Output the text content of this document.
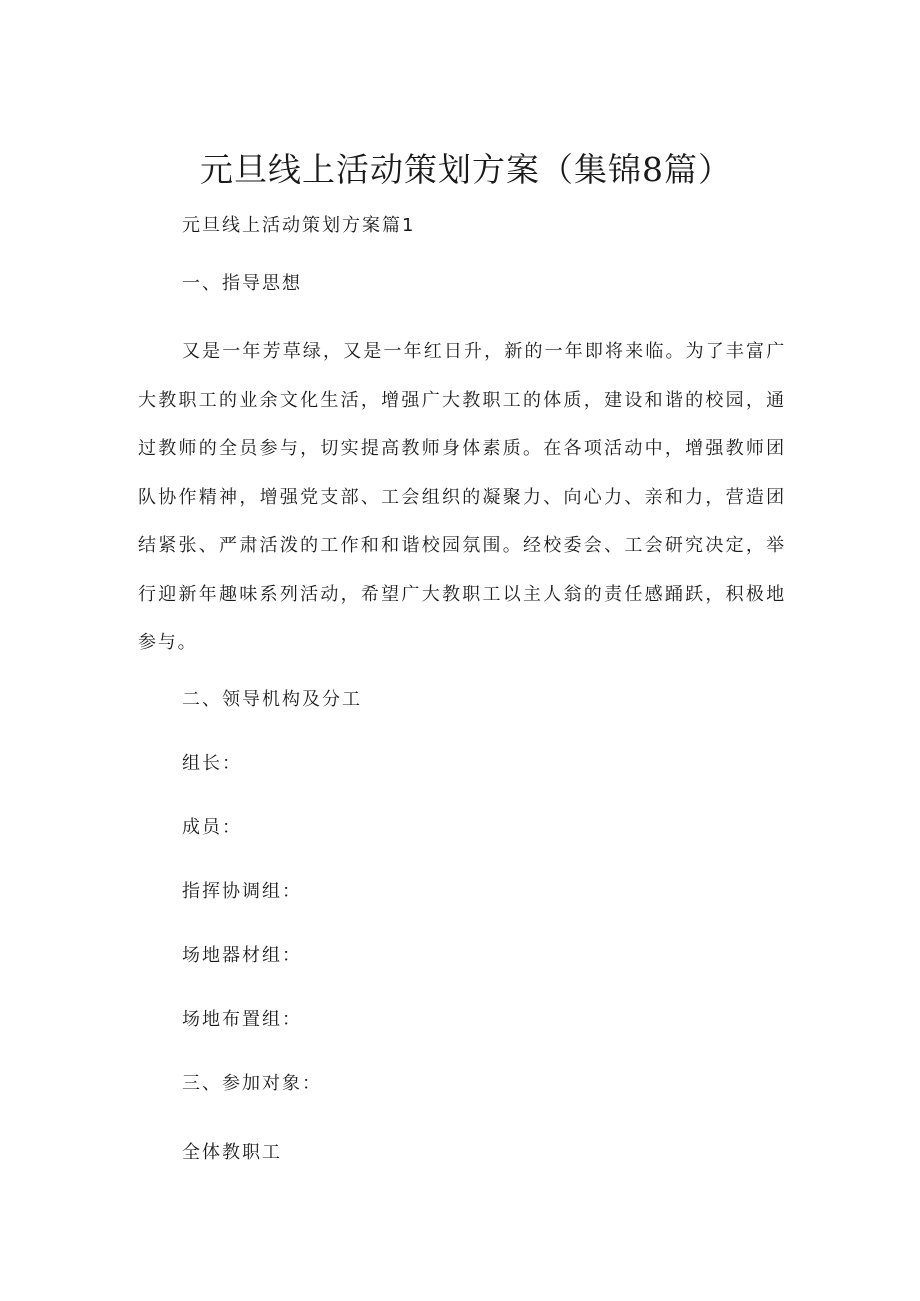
元旦线上活动策划方案（集锦8篇）
元旦线上活动策划方案篇1
一、指导思想

又是一年芳草绿，又是一年红日升，新的一年即将来临。为了丰富广大教职工的业余文化生活，增强广大教职工的体质，建设和谐的校园，通过教师的全员参与，切实提高教师身体素质。在各项活动中，增强教师团队协作精神，增强党支部、工会组织的凝聚力、向心力、亲和力，营造团结紧张、严肃活泼的工作和和谐校园氛围。经校委会、工会研究决定，举行迎新年趣味系列活动，希望广大教职工以主人翁的责任感踊跃，积极地参与。

二、领导机构及分工
组长：
成员：
指挥协调组：
场地器材组：
场地布置组：
三、参加对象：
全体教职工
